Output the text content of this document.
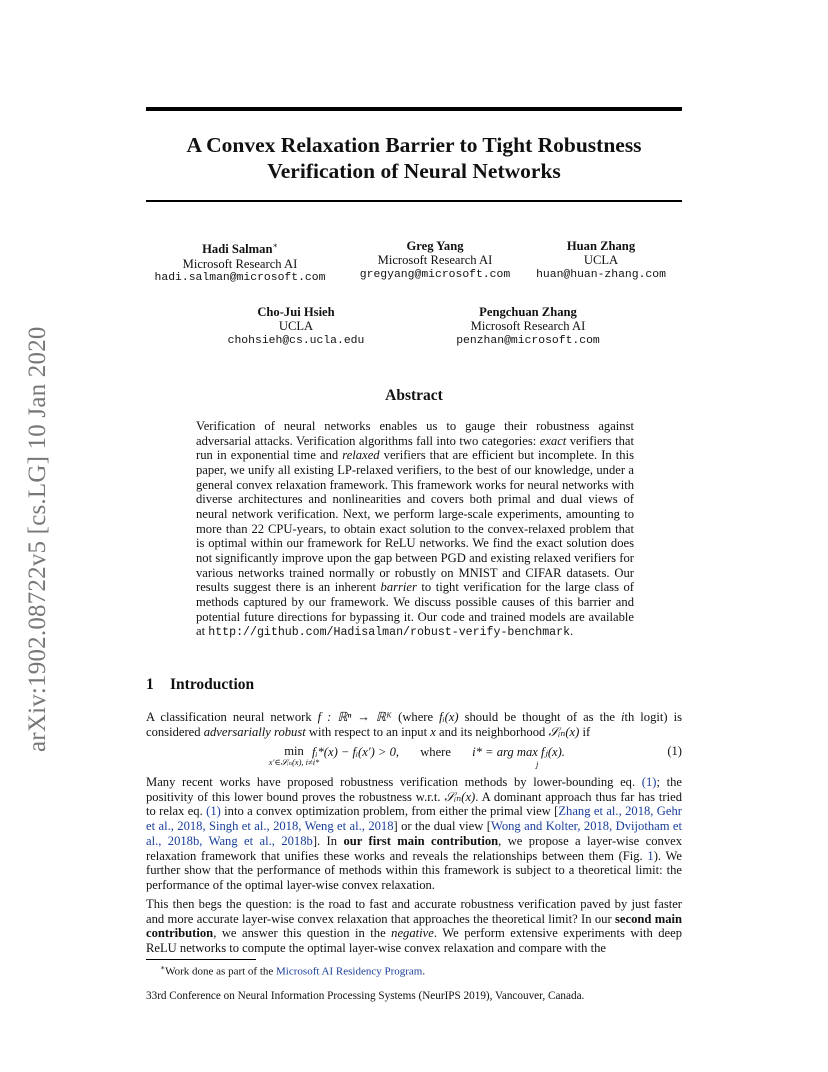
arXiv:1902.08722v5 [cs.LG] 10 Jan 2020
A Convex Relaxation Barrier to Tight Robustness
Verification of Neural Networks
Hadi Salman∗
Microsoft Research AI
hadi.salman@microsoft.com
Greg Yang
Microsoft Research AI
gregyang@microsoft.com
Huan Zhang
UCLA
huan@huan-zhang.com
Cho-Jui Hsieh
UCLA
chohsieh@cs.ucla.edu
Pengchuan Zhang
Microsoft Research AI
penzhan@microsoft.com
Abstract

Verification of neural networks enables us to gauge their robustness against adversarial attacks. Verification algorithms fall into two categories: exact verifiers that run in exponential time and relaxed verifiers that are efficient but incomplete. In this paper, we unify all existing LP-relaxed verifiers, to the best of our knowledge, under a general convex relaxation framework. This framework works for neural networks with diverse architectures and nonlinearities and covers both primal and dual views of neural network verification. Next, we perform large-scale experiments, amounting to more than 22 CPU-years, to obtain exact solution to the convex-relaxed problem that is optimal within our framework for ReLU networks. We find the exact solution does not significantly improve upon the gap between PGD and existing relaxed verifiers for various networks trained normally or robustly on MNIST and CIFAR datasets. Our results suggest there is an inherent barrier to tight verification for the large class of methods captured by our framework. We discuss possible causes of this barrier and potential future directions for bypassing it. Our code and trained models are available at http://github.com/Hadisalman/robust-verify-benchmark.

1 Introduction

A classification neural network f : ℝⁿ → ℝᴷ (where fᵢ(x) should be thought of as the ith logit) is considered adversarially robust with respect to an input x and its neighborhood 𝒮ᵢₙ(x) if

min
x′∈𝒮ᵢₙ(x), i≠i*
fᵢ*(x) − fᵢ(x′) > 0, where i* = arg max fⱼ(x).
j
(1)

Many recent works have proposed robustness verification methods by lower-bounding eq. (1); the positivity of this lower bound proves the robustness w.r.t. 𝒮ᵢₙ(x). A dominant approach thus far has tried to relax eq. (1) into a convex optimization problem, from either the primal view [Zhang et al., 2018, Gehr et al., 2018, Singh et al., 2018, Weng et al., 2018] or the dual view [Wong and Kolter, 2018, Dvijotham et al., 2018b, Wang et al., 2018b]. In our first main contribution, we propose a layer-wise convex relaxation framework that unifies these works and reveals the relationships between them (Fig. 1). We further show that the performance of methods within this framework is subject to a theoretical limit: the performance of the optimal layer-wise convex relaxation.

This then begs the question: is the road to fast and accurate robustness verification paved by just faster and more accurate layer-wise convex relaxation that approaches the theoretical limit? In our second main contribution, we answer this question in the negative. We perform extensive experiments with deep ReLU networks to compute the optimal layer-wise convex relaxation and compare with the

∗Work done as part of the Microsoft AI Residency Program.
33rd Conference on Neural Information Processing Systems (NeurIPS 2019), Vancouver, Canada.
